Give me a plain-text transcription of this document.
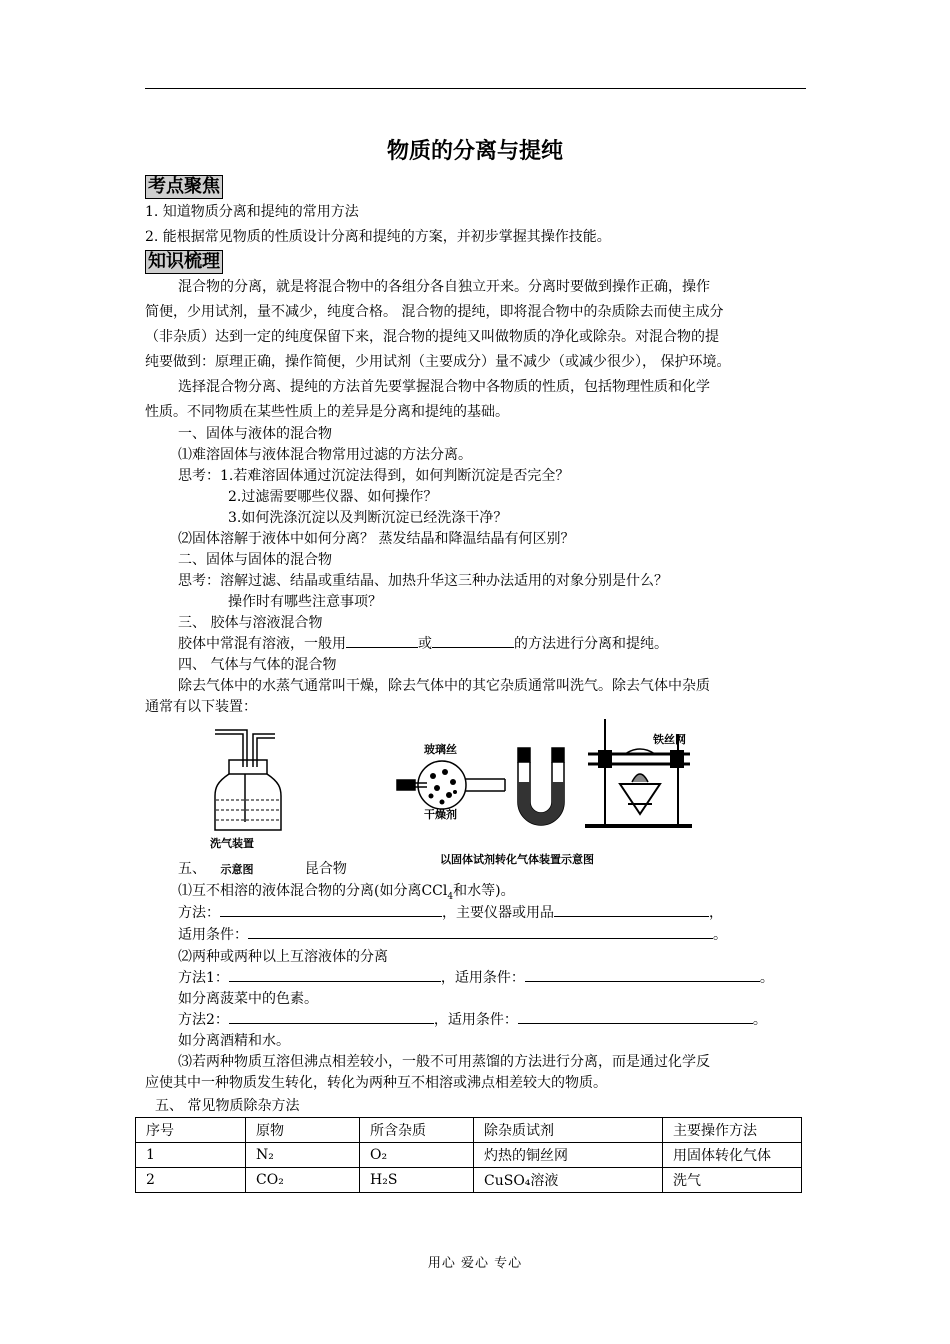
物质的分离与提纯
考点聚焦
1. 知道物质分离和提纯的常用方法
2. 能根据常见物质的性质设计分离和提纯的方案，并初步掌握其操作技能。
知识梳理
混合物的分离，就是将混合物中的各组分各自独立开来。分离时要做到操作正确，操作
简便，少用试剂，量不减少，纯度合格。 混合物的提纯，即将混合物中的杂质除去而使主成分
（非杂质）达到一定的纯度保留下来，混合物的提纯又叫做物质的净化或除杂。对混合物的提
纯要做到：原理正确，操作简便，少用试剂（主要成分）量不减少（或减少很少）， 保护环境。
选择混合物分离、提纯的方法首先要掌握混合物中各物质的性质，包括物理性质和化学
性质。不同物质在某些性质上的差异是分离和提纯的基础。
一、固体与液体的混合物
⑴难溶固体与液体混合物常用过滤的方法分离。
思考：1.若难溶固体通过沉淀法得到，如何判断沉淀是否完全？
2.过滤需要哪些仪器、如何操作？
3.如何洗涤沉淀以及判断沉淀已经洗涤干净？
⑵固体溶解于液体中如何分离？ 蒸发结晶和降温结晶有何区别？
二、固体与固体的混合物
思考：溶解过滤、结晶或重结晶、加热升华这三种办法适用的对象分别是什么？
操作时有哪些注意事项？
三、 胶体与溶液混合物
胶体中常混有溶液，一般用	或	的方法进行分离和提纯。
四、 气体与气体的混合物
除去气体中的水蒸气通常叫干燥，除去气体中的其它杂质通常叫洗气。除去气体中杂质
通常有以下装置：
洗气装置
玻璃丝
干燥剂
铁丝网
以固体试剂转化气体装置示意图
五、 示意图	昆合物
⑴互不相溶的液体混合物的分离(如分离CCl$_4$和水等)。
方法：	，主要仪器或用品	，
适用条件：	。
⑵两种或两种以上互溶液体的分离
方法1：	，适用条件：	。
如分离菠菜中的色素。
方法2：	，适用条件：	。
如分离酒精和水。
⑶若两种物质互溶但沸点相差较小，一般不可用蒸馏的方法进行分离，而是通过化学反
应使其中一种物质发生转化，转化为两种互不相溶或沸点相差较大的物质。
五、 常见物质除杂方法
序号	原物	所含杂质	除杂质试剂	主要操作方法
1	N₂	O₂	灼热的铜丝网	用固体转化气体
2	CO₂	H₂S	CuSO₄溶液	洗气
用心 爱心 专心
